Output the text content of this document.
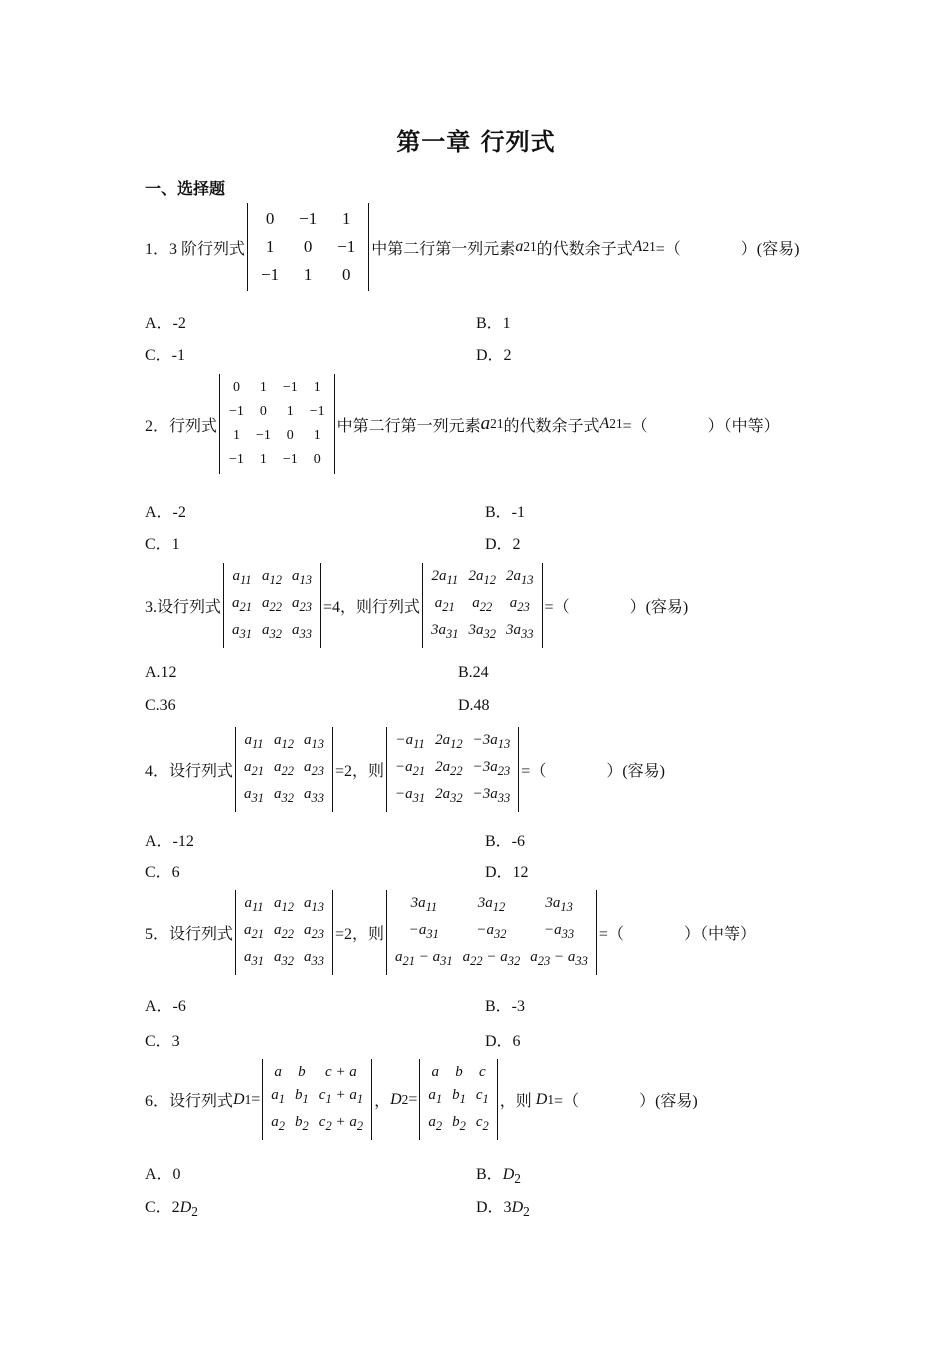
第一章 行列式
一、选择题
1．3 阶行列式
0	−1	1
1	0	−1
−1	1	0
中第二行第一列元素 a 21 的代数余子式 A 21 =（	）(容易)
A．-2	B．1
C．-1	D．2
2．行列式
0	1	−1	1
−1	0	1	−1
1	−1	0	1
−1	1	−1	0
中第二行第一列元素 a 21 的代数余子式 A 21 =（	）（中等）
A．-2	B．-1
C．1	D．2
3.设行列式
$a_{11}$	$a_{12}$	$a_{13}$
$a_{21}$	$a_{22}$	$a_{23}$
$a_{31}$	$a_{32}$	$a_{33}$
=4，则行列式
$2a_{11}$	$2a_{12}$	$2a_{13}$
$a_{21}$	$a_{22}$	$a_{23}$
$3a_{31}$	$3a_{32}$	$3a_{33}$
=（	）(容易)
A.12	B.24
C.36	D.48
4．设行列式
$a_{11}$	$a_{12}$	$a_{13}$
$a_{21}$	$a_{22}$	$a_{23}$
$a_{31}$	$a_{32}$	$a_{33}$
=2，则
$-a_{11}$	$2a_{12}$	$-3a_{13}$
$-a_{21}$	$2a_{22}$	$-3a_{23}$
$-a_{31}$	$2a_{32}$	$-3a_{33}$
=（	）(容易)
A．-12	B．-6
C．6	D．12
5．设行列式
$a_{11}$	$a_{12}$	$a_{13}$
$a_{21}$	$a_{22}$	$a_{23}$
$a_{31}$	$a_{32}$	$a_{33}$
=2，则
$3a_{11}$	$3a_{12}$	$3a_{13}$
$-a_{31}$	$-a_{32}$	$-a_{33}$
$a_{21} - a_{31}$	$a_{22} - a_{32}$	$a_{23} - a_{33}$
=（	）（中等）
A．-6	B．-3
C．3	D．6
6．设行列式 D 1 =
a	b	c + a
$a_1$	$b_1$	$c_1 + a_1$
$a_2$	$b_2$	$c_2 + a_2$
， D 2 =
a	b	c
$a_1$	$b_1$	$c_1$
$a_2$	$b_2$	$c_2$
，则 D 1 =（	）(容易)
A．0	B．$D_2$
C．$2D_2$	D．$3D_2$
